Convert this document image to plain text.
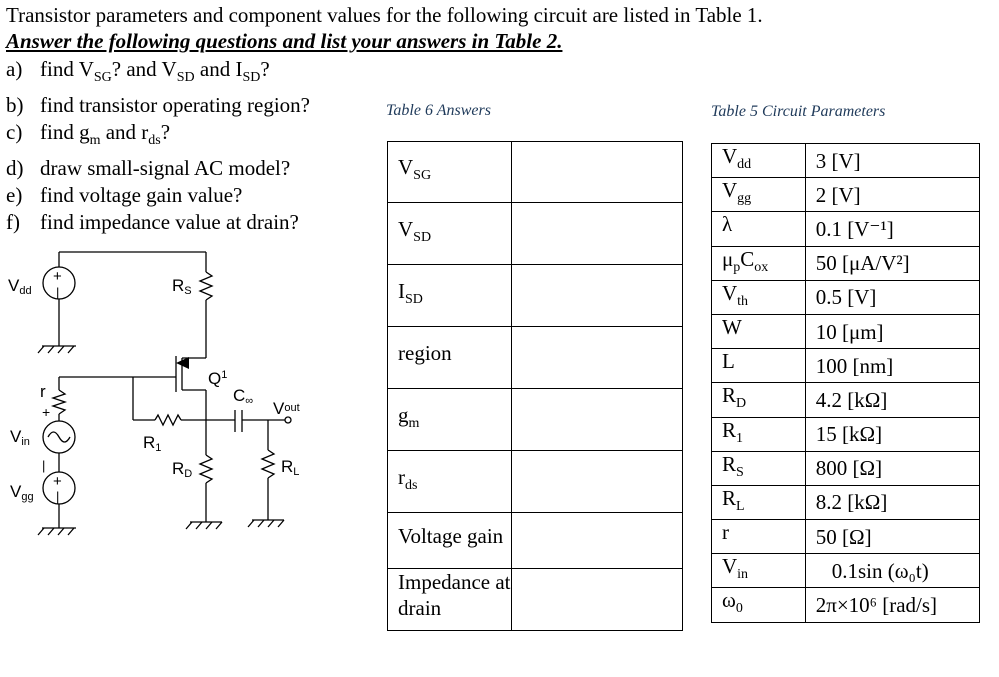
Transistor parameters and component values for the following circuit are listed in Table 1.
Answer the following questions and list your answers in Table 2.
a) find $V_{SG}$? and $V_{SD}$ and $I_{SD}$?
b) find transistor operating region?
c) find $g_m$ and $r_{ds}$?
d) draw small-signal AC model?
e) find voltage gain value?
f) find impedance value at drain?
+
|
+
+
|
|
Vdd	RS
$Q^1$
C∞ Vout
r
Vin	R1
RD	RL
Vgg
Table 6 Answers
$V_{SG}$	
$V_{SD}$	
$I_{SD}$	
region	
$g_m$	
$r_{ds}$	
Voltage gain	
Impedance at drain	
Table 5 Circuit Parameters
$V_{dd}$	3 [V]
$V_{gg}$	2 [V]
λ	0.1 [V⁻¹]
$\mu_pC_{ox}$	50 [μA/V²]
$V_{th}$	0.5 [V]
W	10 [μm]
L	100 [nm]
$R_D$	4.2 [kΩ]
$R_1$	15 [kΩ]
$R_S$	800 [Ω]
$R_L$	8.2 [kΩ]
r	50 [Ω]
$V_{in}$	0.1sin (ω₀t)
$\omega_0$	2π×10⁶ [rad/s]
